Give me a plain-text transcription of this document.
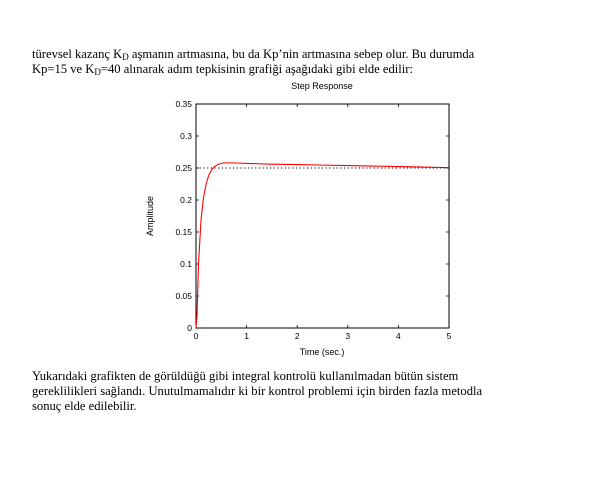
türevsel kazanç $K_D$ aşmanın artmasına, bu da Kp’nin artmasına sebep olur. Bu durumda
Kp=15 ve $K_D=40$ alınarak adım tepkisinin grafiği aşağıdaki gibi elde edilir:

Step Response
0	1	2	3	4	5
0
0.05
0.1
0.15
0.2
0.25
0.3
0.35
Time (sec.)
Amplitude

Yukarıdaki grafikten de görüldüğü gibi integral kontrolü kullanılmadan bütün sistem
gereklilikleri sağlandı. Unutulmamalıdır ki bir kontrol problemi için birden fazla metodla
sonuç elde edilebilir.
